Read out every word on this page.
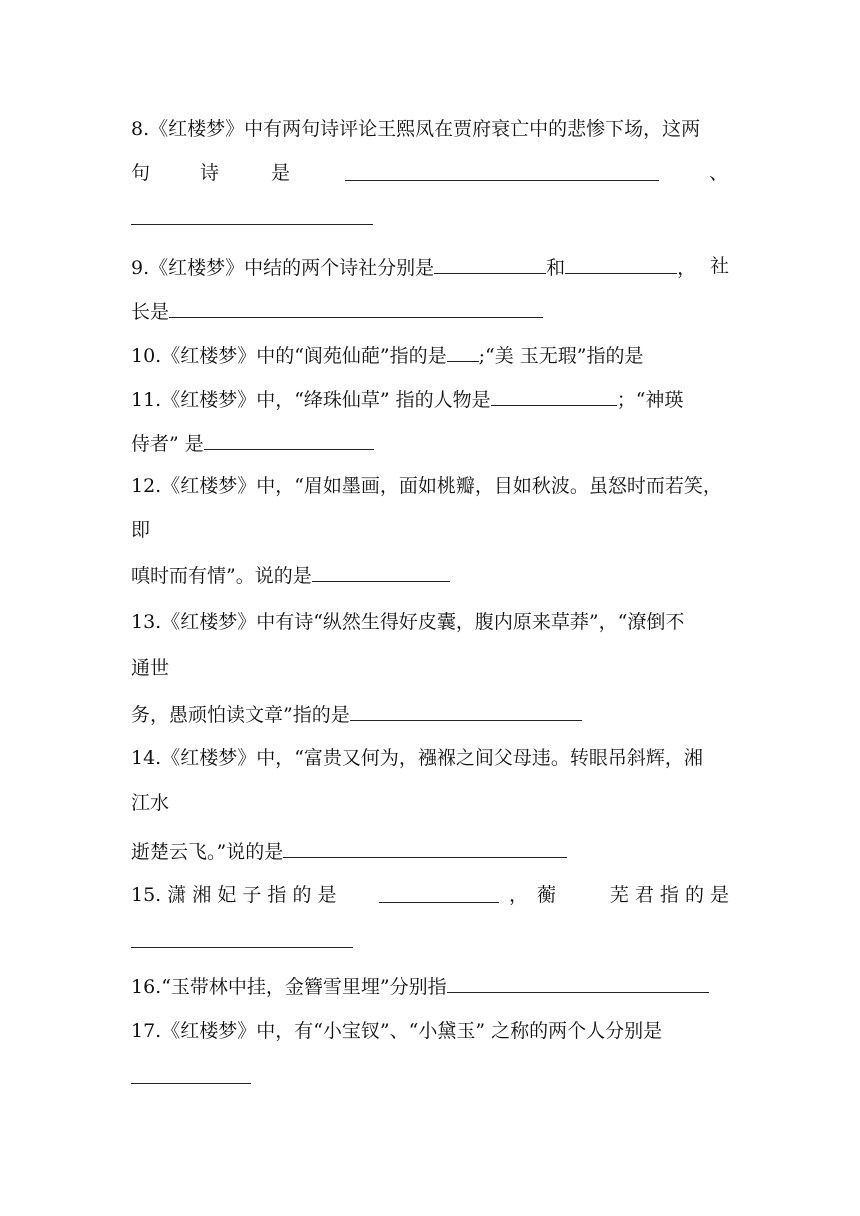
8.《红楼梦》中有两句诗评论王熙凤在贾府衰亡中的悲惨下场，这两
句	诗	是	、
9.《红楼梦》中结的两个诗社分别是	和	， 社
长是
10.《红楼梦》中的“阆苑仙葩”指的是 ;“美 玉无瑕”指的是
11.《红楼梦》中，“绛珠仙草” 指的人物是	；“神瑛
侍者” 是
12.《红楼梦》中，“眉如墨画，面如桃瓣，目如秋波。虽怒时而若笑，
即
嗔时而有情”。说的是
13.《红楼梦》中有诗“纵然生得好皮囊，腹内原来草莽”，“潦倒不
通世
务，愚顽怕读文章”指的是
14.《红楼梦》中，“富贵又何为，襁褓之间父母违。转眼吊斜辉，湘
江水
逝楚云飞。”说的是
15. 潇 湘 妃 子 指 的 是	， 蘅	芜 君 指 的 是
16.“玉带林中挂，金簪雪里埋”分别指
17.《红楼梦》中，有“小宝钗”、“小黛玉” 之称的两个人分别是
